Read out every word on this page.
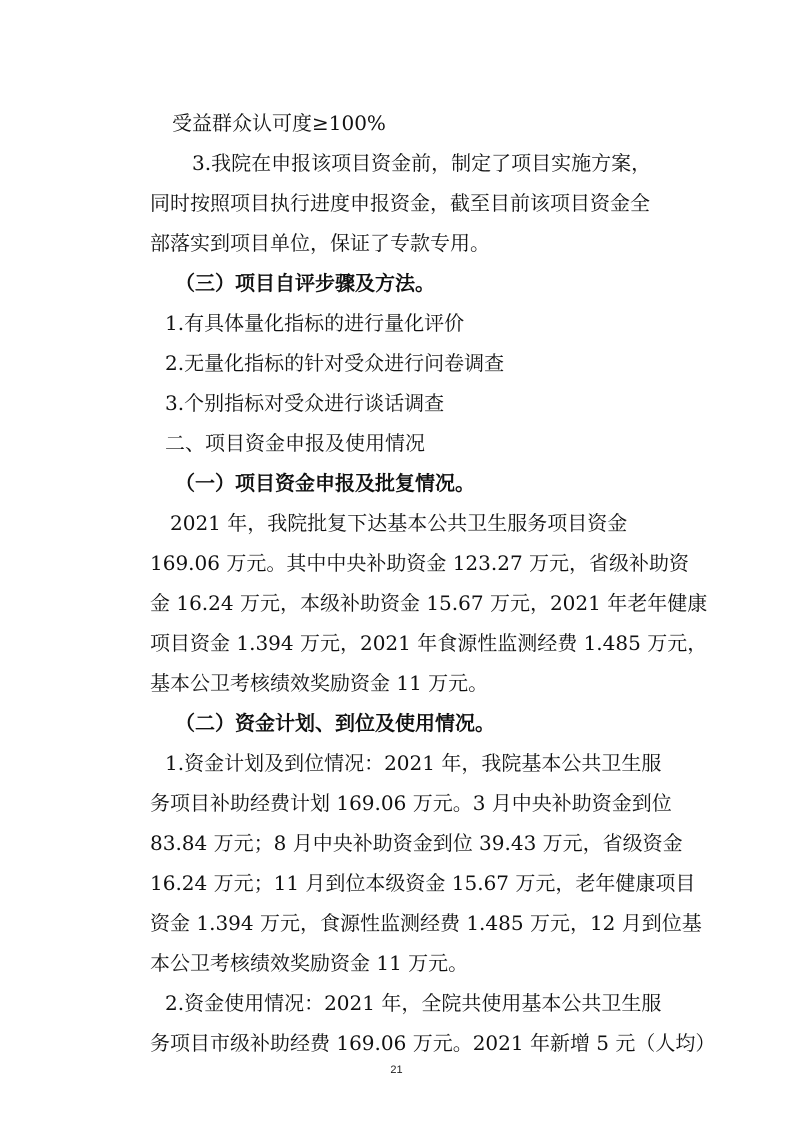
受益群众认可度≥100%
3.我院在申报该项目资金前，制定了项目实施方案，
同时按照项目执行进度申报资金，截至目前该项目资金全
部落实到项目单位，保证了专款专用。
（三）项目自评步骤及方法。
1.有具体量化指标的进行量化评价
2.无量化指标的针对受众进行问卷调查
3.个别指标对受众进行谈话调查
二、项目资金申报及使用情况
（一）项目资金申报及批复情况。
2021 年，我院批复下达基本公共卫生服务项目资金
169.06 万元。其中中央补助资金 123.27 万元，省级补助资
金 16.24 万元，本级补助资金 15.67 万元，2021 年老年健康
项目资金 1.394 万元，2021 年食源性监测经费 1.485 万元，
基本公卫考核绩效奖励资金 11 万元。
（二）资金计划、到位及使用情况。
1.资金计划及到位情况：2021 年，我院基本公共卫生服
务项目补助经费计划 169.06 万元。3 月中央补助资金到位
83.84 万元；8 月中央补助资金到位 39.43 万元，省级资金
16.24 万元；11 月到位本级资金 15.67 万元，老年健康项目
资金 1.394 万元，食源性监测经费 1.485 万元，12 月到位基
本公卫考核绩效奖励资金 11 万元。
2.资金使用情况：2021 年，全院共使用基本公共卫生服
务项目市级补助经费 169.06 万元。2021 年新增 5 元（人均）
21
